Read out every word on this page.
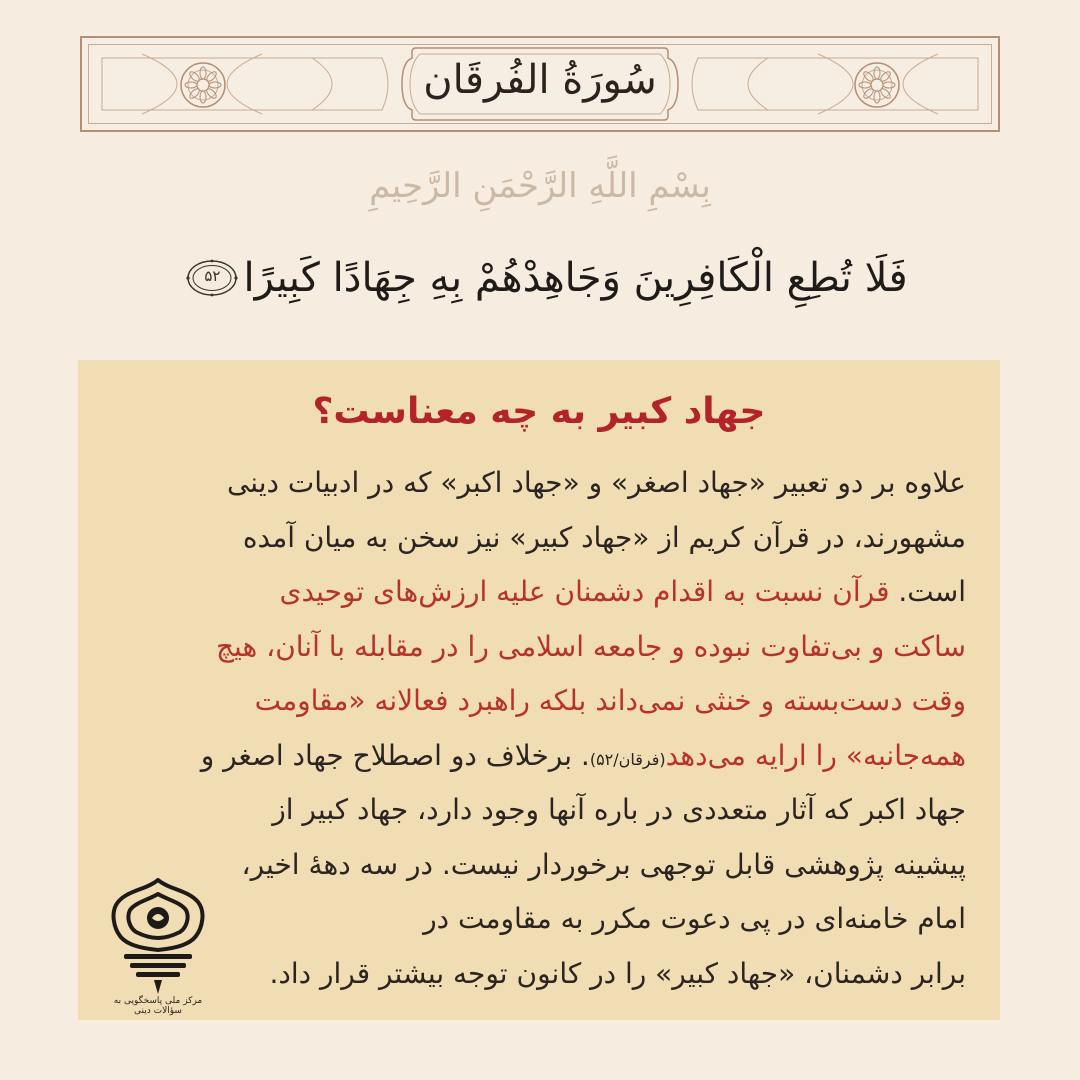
سُورَةُ الفُرقَان
بِسْمِ اللَّهِ الرَّحْمَنِ الرَّحِيمِ
فَلَا تُطِعِ الْكَافِرِينَ وَجَاهِدْهُمْ بِهِ جِهَادًا كَبِيرًا
۵۲
جهاد کبیر به چه معناست؟
علاوه بر دو تعبیر «جهاد اصغر» و «جهاد اکبر» که در ادبیات دینی
مشهورند، در قرآن کریم از «جهاد کبیر» نیز سخن به میان آمده
است. قرآن نسبت به اقدام دشمنان علیه ارزش‌های توحیدی
ساکت و بی‌تفاوت نبوده و جامعه اسلامی را در مقابله با آنان، هیچ
وقت دست‌بسته و خنثی نمی‌داند بلکه راهبرد فعالانه «مقاومت
همه‌جانبه» را ارایه می‌دهد(فرقان/۵۲). برخلاف دو اصطلاح جهاد اصغر و
جهاد اکبر که آثار متعددی در باره آنها وجود دارد، جهاد کبیر از
پیشینه پژوهشی قابل توجهی برخوردار نیست. در سه دههٔ اخیر،
امام خامنه‌ای در پی دعوت مکرر به مقاومت در
برابر دشمنان، «جهاد کبیر» را در کانون توجه بیشتر قرار داد.
مرکز ملی پاسخگویی به سؤالات دینی
